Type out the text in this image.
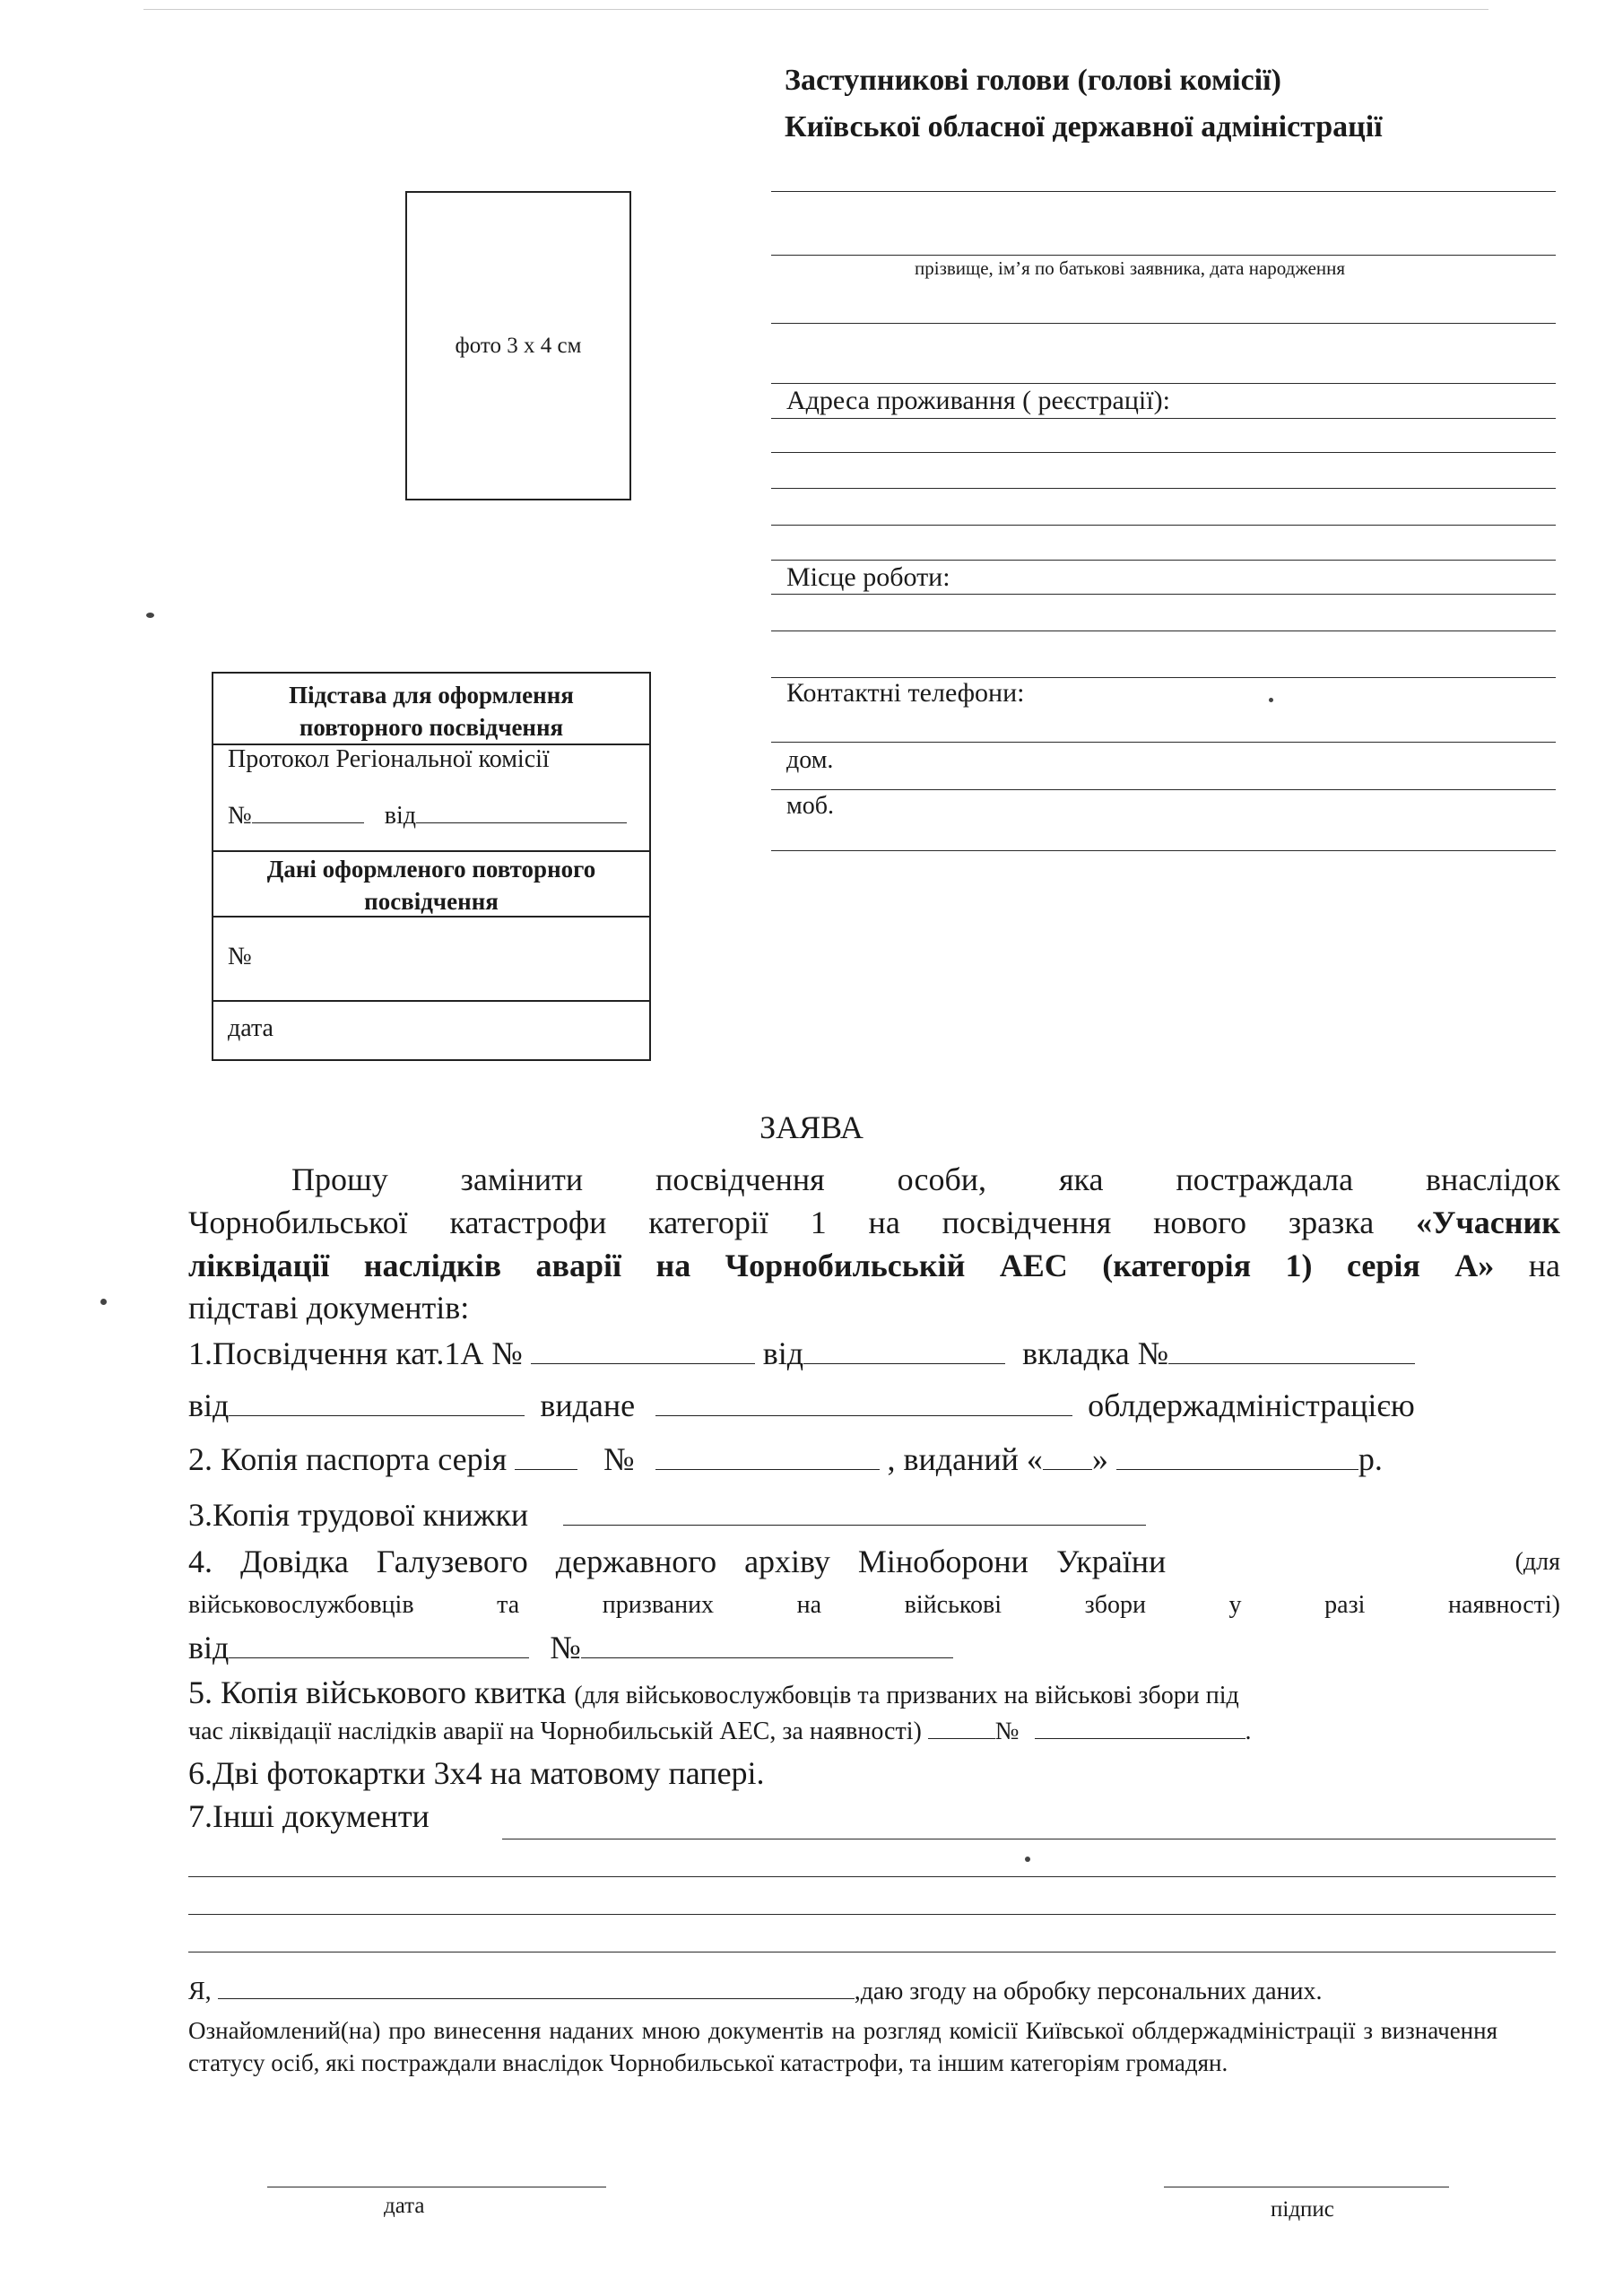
Заступникові голови (голові комісії)
Київської обласної державної адміністрації
прізвище, ім’я по батькові заявника, дата народження
Адреса проживання ( реєстрації):
Місце роботи:
Контактні телефони:
дом.
моб.
фото 3 х 4 см
Підстава для оформлення повторного посвідчення
Протокол Регіональної комісії
№	від
Дані оформленого повторного посвідчення
№
дата
ЗАЯВА
Прошу замінити посвідчення особи, яка постраждала внаслідок
Чорнобильської катастрофи категорії 1 на посвідчення нового зразка «Учасник
ліквідації наслідків аварії на Чорнобильській АЕС (категорія 1) серія А» на
підставі документів:
1.Посвідчення кат.1А №	від	вкладка №
від	видане	облдержадміністрацією
2. Копія паспорта серія	№	, виданий « »	р.
3.Копія трудової книжки
4. Довідка Галузевого державного архіву Міноборони України	(для
військовослужбовців та призваних на військові збори у разі наявності)
від	№
5. Копія військового квитка (для військовослужбовців та призваних на військові збори під
час ліквідації наслідків аварії на Чорнобильській АЕС, за наявності)	№	.
6.Дві фотокартки 3х4 на матовому папері.
7.Інші документи
Я,	,даю згоду на обробку персональних даних.
Ознайомлений(на) про винесення наданих мною документів на розгляд комісії Київської облдержадміністрації з визначення статусу осіб, які постраждали внаслідок Чорнобильської катастрофи, та іншим категоріям громадян.
дата	підпис
